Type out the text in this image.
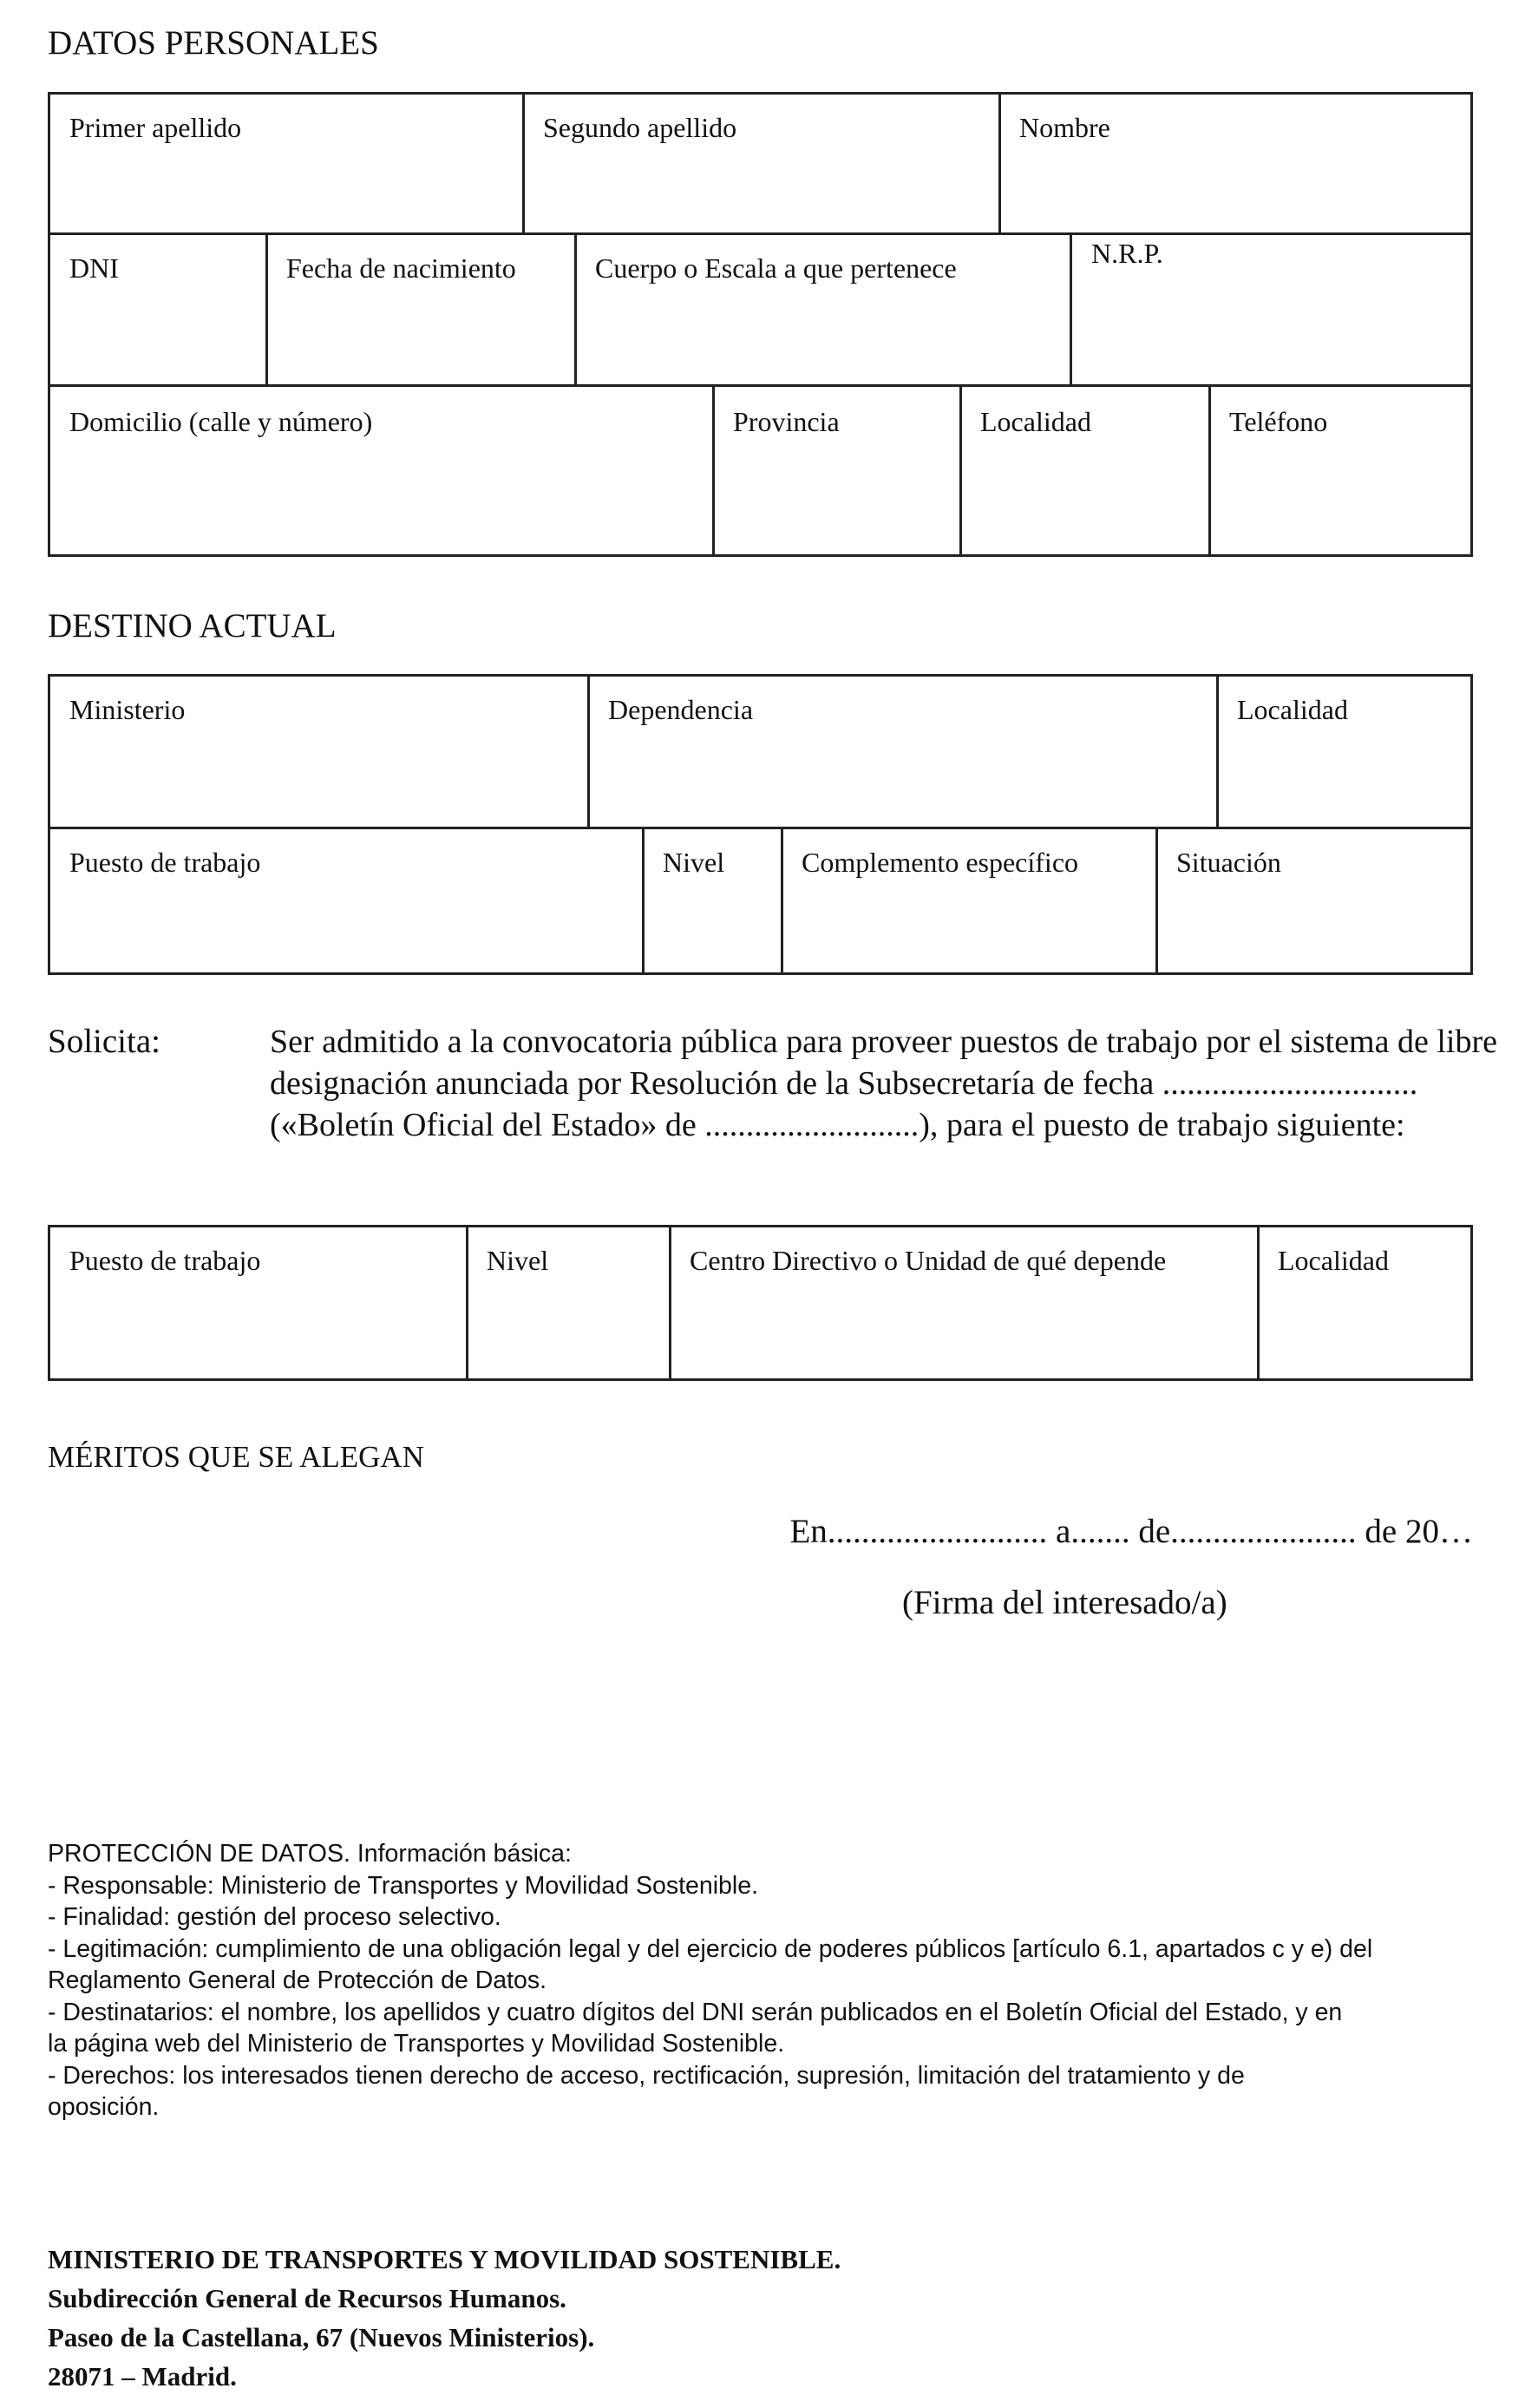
DATOS PERSONALES
Primer apellido	Segundo apellido	Nombre
DNI	Fecha de nacimiento	Cuerpo o Escala a que pertenece	N.R.P.
Domicilio (calle y número)	Provincia	Localidad	Teléfono
DESTINO ACTUAL
Ministerio	Dependencia	Localidad
Puesto de trabajo	Nivel	Complemento específico	Situación
Solicita:	Ser admitido a la convocatoria pública para proveer puestos de trabajo por el sistema de libre
designación anunciada por Resolución de la Subsecretaría de fecha ...............................
(«Boletín Oficial del Estado» de ..........................), para el puesto de trabajo siguiente:
Puesto de trabajo	Nivel	Centro Directivo o Unidad de qué depende	Localidad
MÉRITOS QUE SE ALEGAN
En.......................... a....... de...................... de 20…
(Firma del interesado/a)
PROTECCIÓN DE DATOS. Información básica:
- Responsable: Ministerio de Transportes y Movilidad Sostenible.
- Finalidad: gestión del proceso selectivo.
- Legitimación: cumplimiento de una obligación legal y del ejercicio de poderes públicos [artículo 6.1, apartados c y e) del
Reglamento General de Protección de Datos.
- Destinatarios: el nombre, los apellidos y cuatro dígitos del DNI serán publicados en el Boletín Oficial del Estado, y en
la página web del Ministerio de Transportes y Movilidad Sostenible.
- Derechos: los interesados tienen derecho de acceso, rectificación, supresión, limitación del tratamiento y de
oposición.
MINISTERIO DE TRANSPORTES Y MOVILIDAD SOSTENIBLE.
Subdirección General de Recursos Humanos.
Paseo de la Castellana, 67 (Nuevos Ministerios).
28071 – Madrid.
